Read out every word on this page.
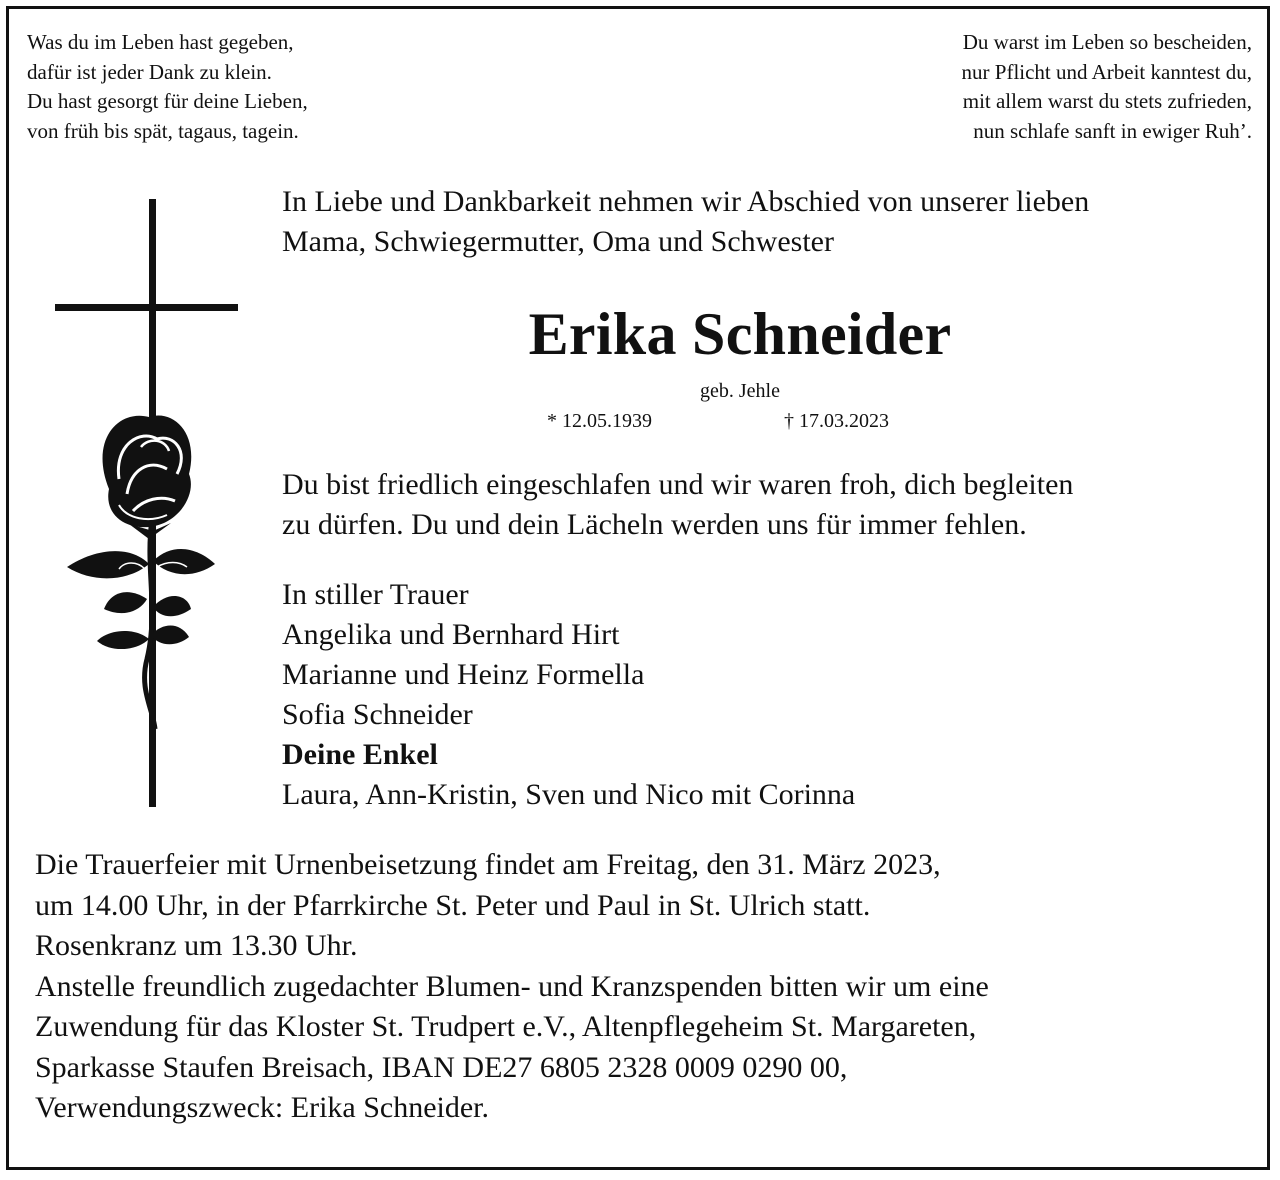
Was du im Leben hast gegeben,
dafür ist jeder Dank zu klein.
Du hast gesorgt für deine Lieben,
von früh bis spät, tagaus, tagein.
Du warst im Leben so bescheiden,
nur Pflicht und Arbeit kanntest du,
mit allem warst du stets zufrieden,
nun schlafe sanft in ewiger Ruh’.
In Liebe und Dankbarkeit nehmen wir Abschied von unserer lieben
Mama, Schwiegermutter, Oma und Schwester
Erika Schneider
geb. Jehle
* 12.05.1939	† 17.03.2023
Du bist friedlich eingeschlafen und wir waren froh, dich begleiten
zu dürfen. Du und dein Lächeln werden uns für immer fehlen.
In stiller Trauer
Angelika und Bernhard Hirt
Marianne und Heinz Formella
Sofia Schneider
Deine Enkel
Laura, Ann-Kristin, Sven und Nico mit Corinna
Die Trauerfeier mit Urnenbeisetzung findet am Freitag, den 31. März 2023,
um 14.00 Uhr, in der Pfarrkirche St. Peter und Paul in St. Ulrich statt.
Rosenkranz um 13.30 Uhr.
Anstelle freundlich zugedachter Blumen- und Kranzspenden bitten wir um eine
Zuwendung für das Kloster St. Trudpert e.V., Altenpflegeheim St. Margareten,
Sparkasse Staufen Breisach, IBAN DE27 6805 2328 0009 0290 00,
Verwendungszweck: Erika Schneider.
